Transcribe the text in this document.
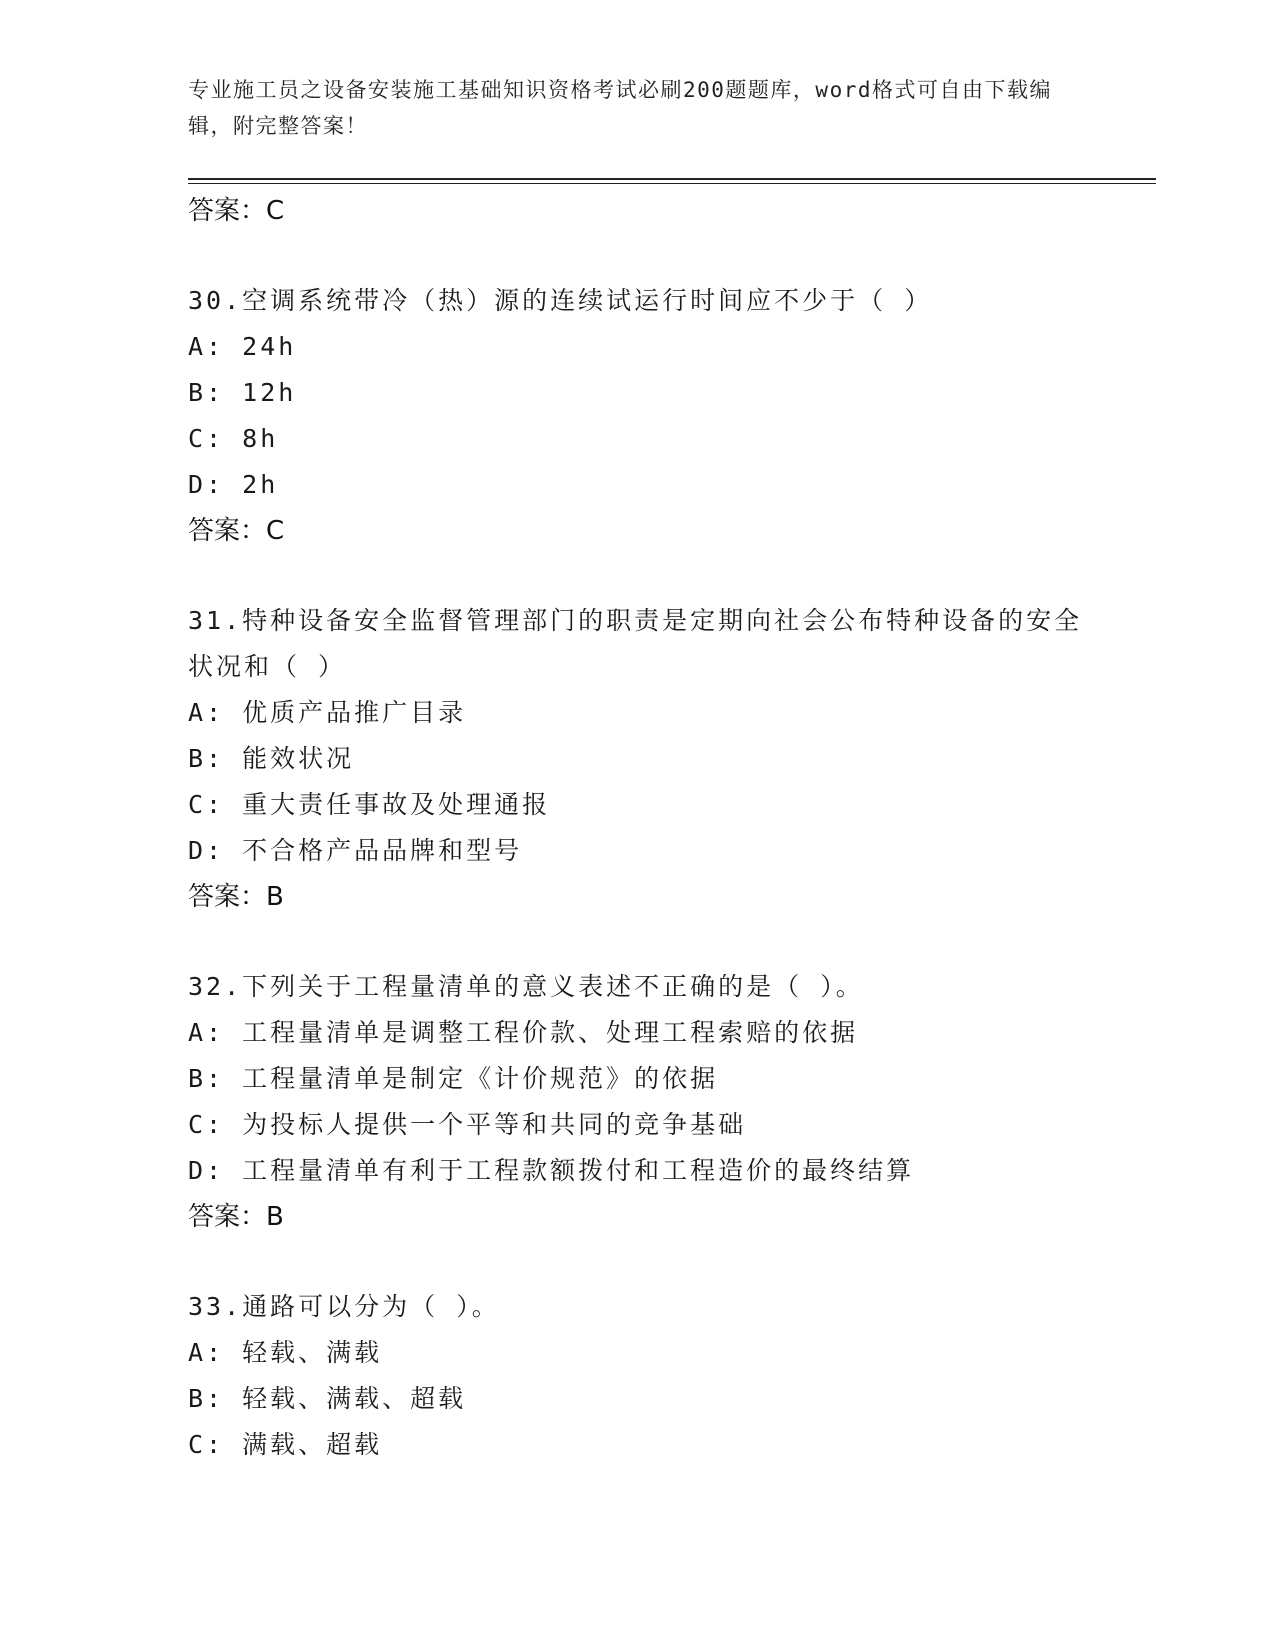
专业施工员之设备安装施工基础知识资格考试必刷200题题库，word格式可自由下载编辑，附完整答案！
答案：C
30.空调系统带冷（热）源的连续试运行时间应不少于（ ）
A: 24h
B: 12h
C: 8h
D: 2h
答案：C
31.特种设备安全监督管理部门的职责是定期向社会公布特种设备的安全状况和（ ）
A: 优质产品推广目录
B: 能效状况
C: 重大责任事故及处理通报
D: 不合格产品品牌和型号
答案：B
32.下列关于工程量清单的意义表述不正确的是（ ）。
A: 工程量清单是调整工程价款、处理工程索赔的依据
B: 工程量清单是制定《计价规范》的依据
C: 为投标人提供一个平等和共同的竞争基础
D: 工程量清单有利于工程款额拨付和工程造价的最终结算
答案：B
33.通路可以分为（ ）。
A: 轻载、满载
B: 轻载、满载、超载
C: 满载、超载
